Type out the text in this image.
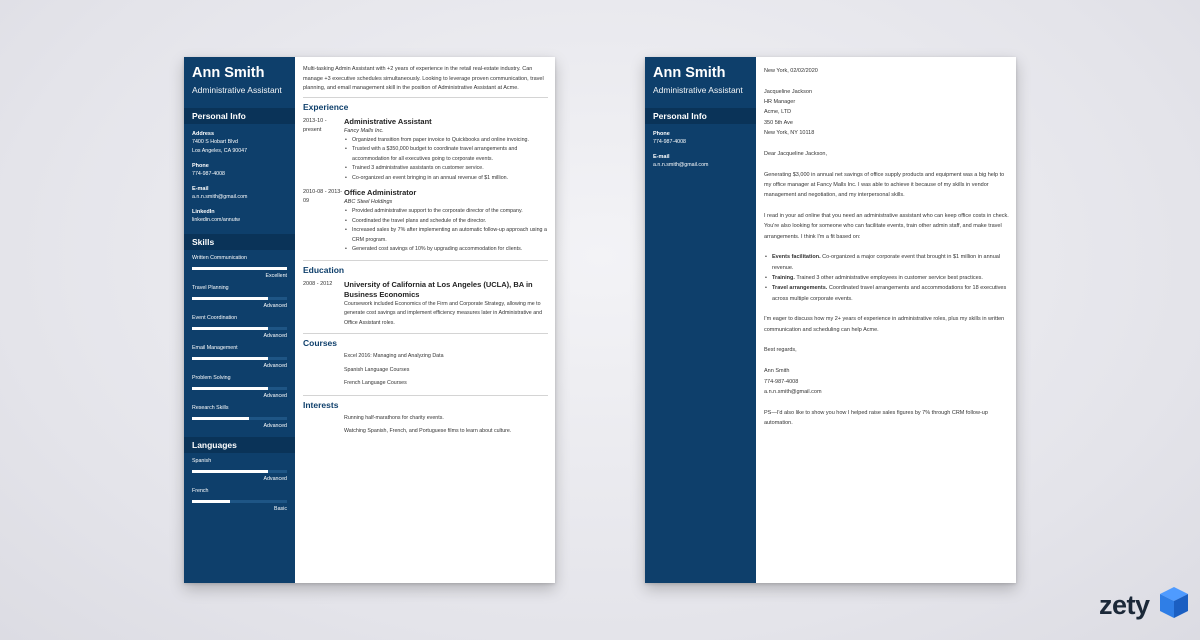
Ann Smith
Administrative Assistant
Personal Info
Address
7400 S Hobart Blvd
Los Angeles, CA 90047
Phone
774-987-4008
E-mail
a.n.n.smith@gmail.com
LinkedIn
linkedin.com/annutw
Skills
Written Communication
Excellent
Travel Planning
Advanced
Event Coordination
Advanced
Email Management
Advanced
Problem Solving
Advanced
Research Skills
Advanced
Languages
Spanish
Advanced
French
Basic
Multi-tasking Admin Assistant with +2 years of experience in the retail real-estate industry. Can manage +3 executive schedules simultaneously. Looking to leverage proven communication, travel planning, and email management skill in the position of Administrative Assistant at Acme.
Experience
2013-10 - present
Administrative Assistant
Fancy Malls Inc.
• Organized transition from paper invoice to Quickbooks and online invoicing.
• Trusted with a $350,000 budget to coordinate travel arrangements and accommodation for all executives going to corporate events.
• Trained 3 administrative assistants on customer service.
• Co-organized an event bringing in an annual revenue of $1 million.
2010-08 - 2013-09
Office Administrator
ABC Steel Holdings
• Provided administrative support to the corporate director of the company.
• Coordinated the travel plans and schedule of the director.
• Increased sales by 7% after implementing an automatic follow-up approach using a CRM program.
• Generated cost savings of 10% by upgrading accommodation for clients.
Education
2008 - 2012	University of California at Los Angeles (UCLA), BA in Business Economics
Coursework included Economics of the Firm and Corporate Strategy, allowing me to generate cost savings and implement efficiency measures later in Administrative and Office Assistant roles.
Courses
Excel 2016: Managing and Analyzing Data
Spanish Language Courses
French Language Courses
Interests
Running half-marathons for charity events.
Watching Spanish, French, and Portuguese films to learn about culture.
Ann Smith
Administrative Assistant
Personal Info
Phone
774-987-4008
E-mail
a.n.n.smith@gmail.com

New York, 02/02/2020

Jacqueline Jackson
HR Manager
Acme, LTD
350 5th Ave
New York, NY 10118

Dear Jacqueline Jackson,

Generating $3,000 in annual net savings of office supply products and equipment was a big help to my office manager at Fancy Malls Inc. I was able to achieve it because of my skills in vendor management and negotiation, and my interpersonal skills.

I read in your ad online that you need an administrative assistant who can keep office costs in check. You're also looking for someone who can facilitate events, train other admin staff, and make travel arrangements. I think I'm a fit based on:

• Events facilitation. Co-organized a major corporate event that brought in $1 million in annual revenue.
• Training. Trained 3 other administrative employees in customer service best practices.
• Travel arrangements. Coordinated travel arrangements and accommodations for 18 executives across multiple corporate events.

I'm eager to discuss how my 2+ years of experience in administrative roles, plus my skills in written communication and scheduling can help Acme.

Best regards,

Ann Smith
774-987-4008
a.n.n.smith@gmail.com

PS—I'd also like to show you how I helped raise sales figures by 7% through CRM follow-up automation.

zety
